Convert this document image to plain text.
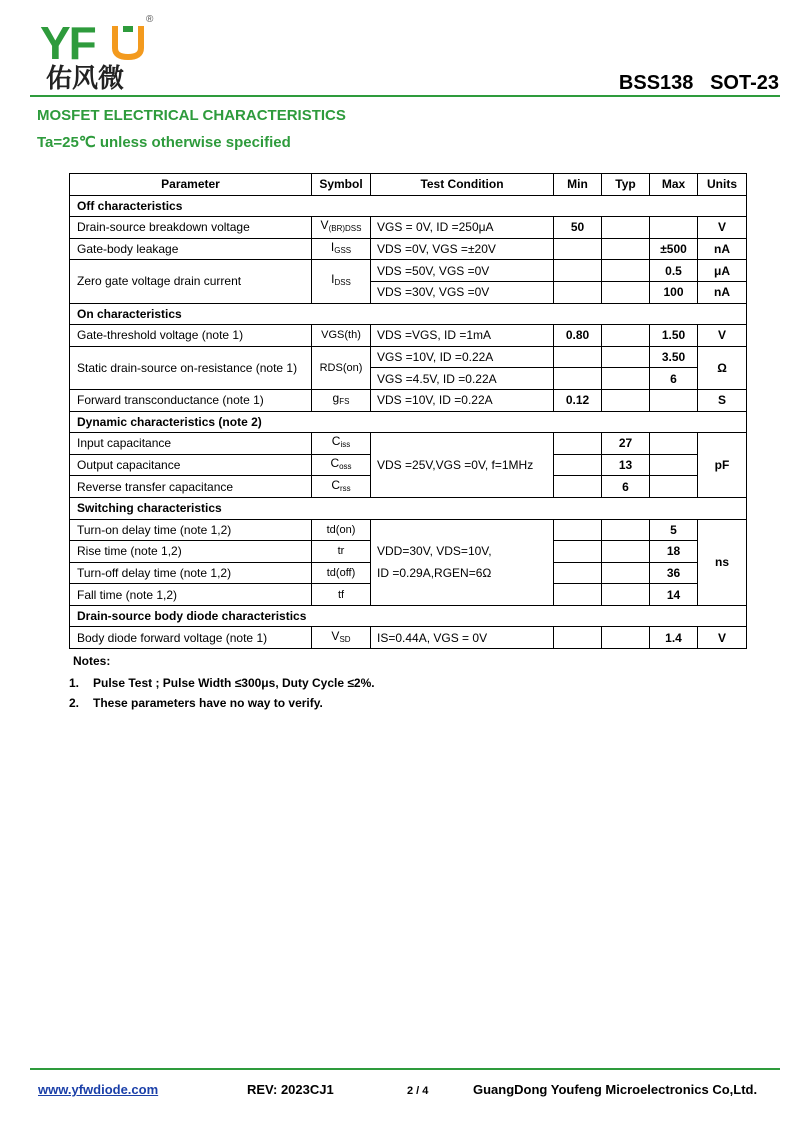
YF	®
佑风微	BSS138   SOT-23
MOSFET ELECTRICAL CHARACTERISTICS
Ta=25℃ unless otherwise specified
Parameter	Symbol	Test Condition	Min	Typ	Max	Units
Off characteristics						
Drain-source breakdown voltage	$V_{(BR)DSS}$	VGS = 0V, ID =250μA	50			V
Gate-body leakage	$I_{GSS}$	VDS =0V, VGS =±20V			±500	nA
Zero gate voltage drain current	$I_{DSS}$	VDS =50V, VGS =0V			0.5	μA
		VDS =30V, VGS =0V			100	nA
On characteristics						
Gate-threshold voltage (note 1)	VGS(th)	VDS =VGS, ID =1mA	0.80		1.50	V
Static drain-source on-resistance (note 1)	RDS(on)	VGS =10V, ID =0.22A			3.50	Ω
		VGS =4.5V, ID =0.22A			6	
Forward transconductance (note 1)	$g_{FS}$	VDS =10V, ID =0.22A	0.12			S
Dynamic characteristics (note 2)						
Input capacitance	$C_{iss}$	VDS =25V,VGS =0V, f=1MHz		27		pF
Output capacitance	$C_{oss}$			13		
Reverse transfer capacitance	$C_{rss}$			6		
Switching characteristics						
Turn-on delay time (note 1,2)	td(on)	VDD=30V, VDS=10V,
ID =0.29A,RGEN=6Ω			5	ns
Rise time (note 1,2)	tr				18	
Turn-off delay time (note 1,2)	td(off)				36	
Fall time (note 1,2)	tf				14	
Drain-source body diode characteristics						
Body diode forward voltage (note 1)	$V_{SD}$	IS=0.44A, VGS = 0V			1.4	V
Notes:
1. Pulse Test ; Pulse Width ≤300μs, Duty Cycle ≤2%.
2. These parameters have no way to verify.
www.yfwdiode.com	REV: 2023CJ1	2 / 4	GuangDong Youfeng Microelectronics Co,Ltd.
